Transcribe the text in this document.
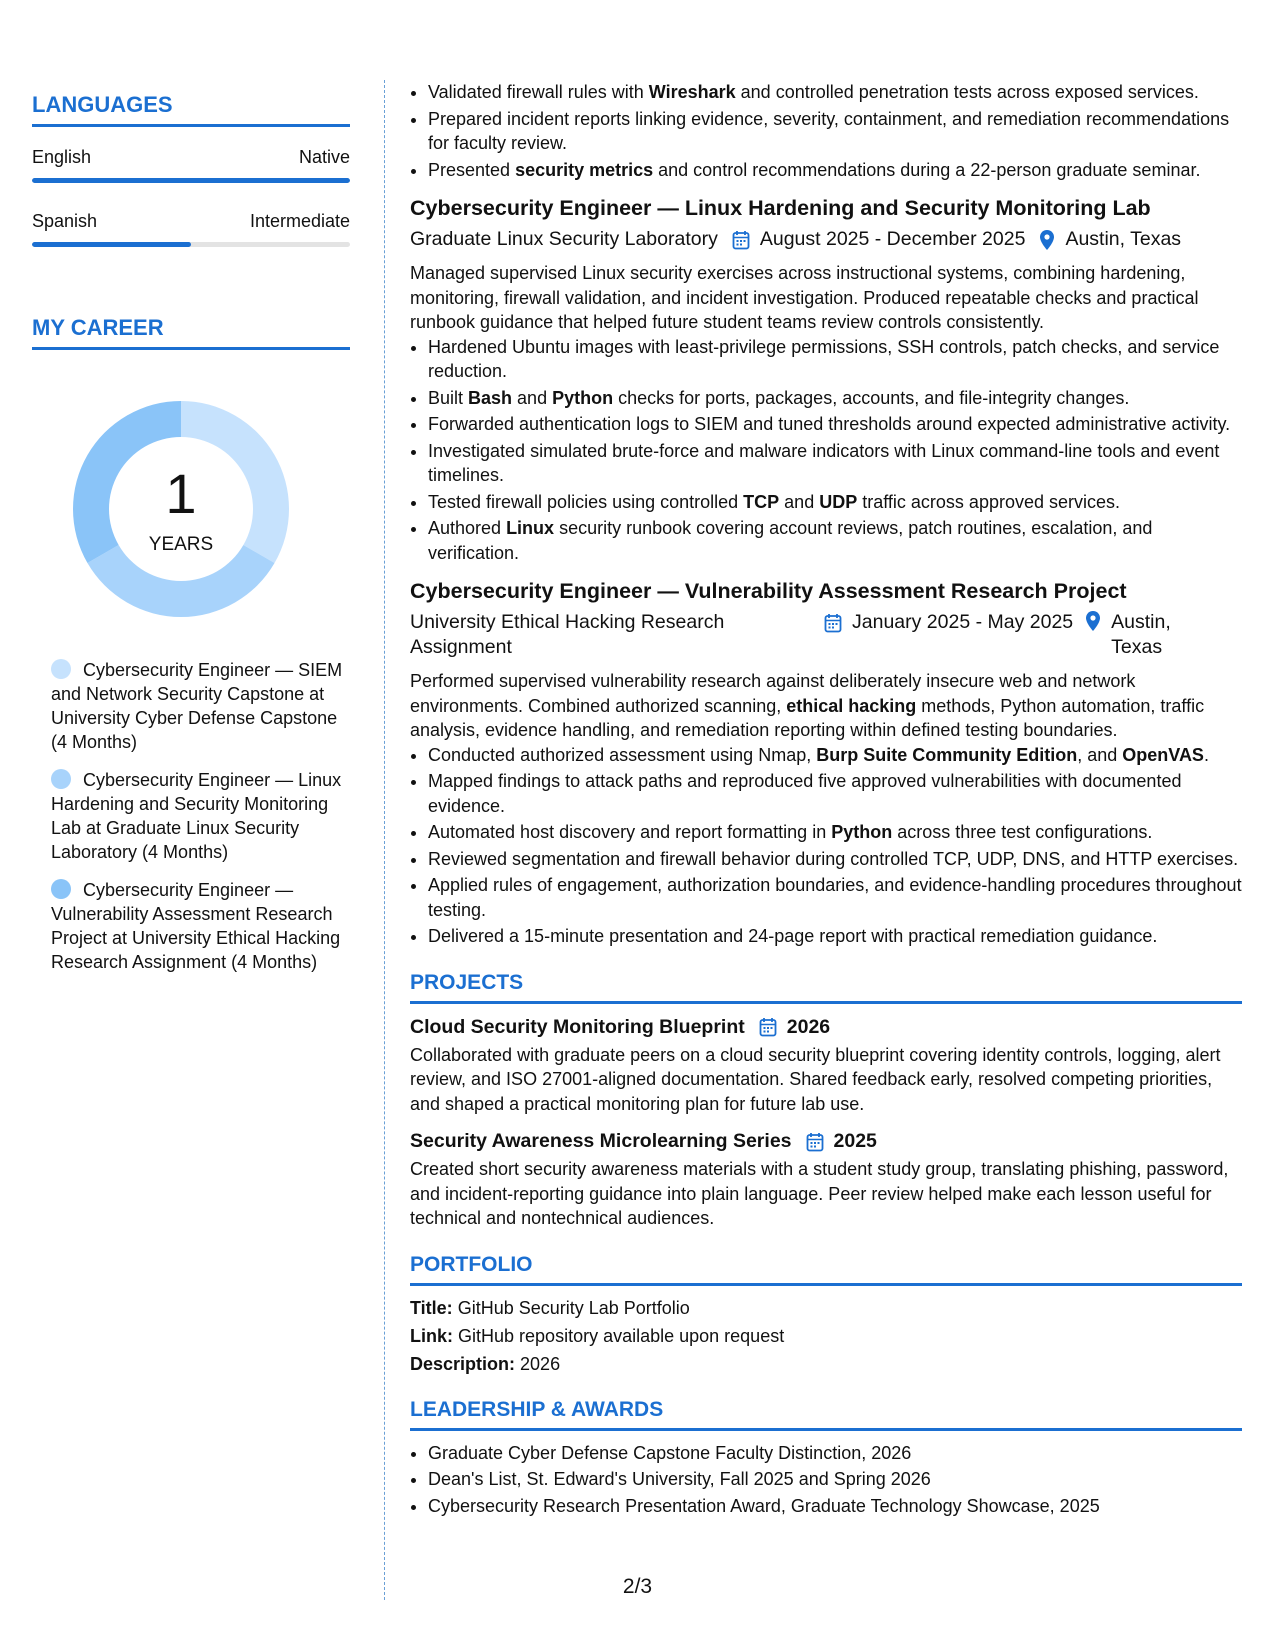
LANGUAGES
English	Native
Spanish	Intermediate
MY CAREER
1
YEARS
Cybersecurity Engineer — SIEM and Network Security Capstone at University Cyber Defense Capstone (4 Months)
Cybersecurity Engineer — Linux Hardening and Security Monitoring Lab at Graduate Linux Security Laboratory (4 Months)
Cybersecurity Engineer — Vulnerability Assessment Research Project at University Ethical Hacking Research Assignment (4 Months)
• Validated firewall rules with Wireshark and controlled penetration tests across exposed services.
• Prepared incident reports linking evidence, severity, containment, and remediation recommendations for faculty review.
• Presented security metrics and control recommendations during a 22-person graduate seminar.
Cybersecurity Engineer — Linux Hardening and Security Monitoring Lab
Graduate Linux Security Laboratory August 2025 - December 2025 Austin, Texas

Managed supervised Linux security exercises across instructional systems, combining hardening, monitoring, firewall validation, and incident investigation. Produced repeatable checks and practical runbook guidance that helped future student teams review controls consistently.

• Hardened Ubuntu images with least-privilege permissions, SSH controls, patch checks, and service reduction.
• Built Bash and Python checks for ports, packages, accounts, and file-integrity changes.
• Forwarded authentication logs to SIEM and tuned thresholds around expected administrative activity.
• Investigated simulated brute-force and malware indicators with Linux command-line tools and event timelines.
• Tested firewall policies using controlled TCP and UDP traffic across approved services.
• Authored Linux security runbook covering account reviews, patch routines, escalation, and verification.
Cybersecurity Engineer — Vulnerability Assessment Research Project
University Ethical Hacking Research Assignment
January 2025 - May 2025 Austin, Texas

Performed supervised vulnerability research against deliberately insecure web and network environments. Combined authorized scanning, ethical hacking methods, Python automation, traffic analysis, evidence handling, and remediation reporting within defined testing boundaries.

• Conducted authorized assessment using Nmap, Burp Suite Community Edition, and OpenVAS.
• Mapped findings to attack paths and reproduced five approved vulnerabilities with documented evidence.
• Automated host discovery and report formatting in Python across three test configurations.
• Reviewed segmentation and firewall behavior during controlled TCP, UDP, DNS, and HTTP exercises.
• Applied rules of engagement, authorization boundaries, and evidence-handling procedures throughout testing.
• Delivered a 15-minute presentation and 24-page report with practical remediation guidance.
PROJECTS
Cloud Security Monitoring Blueprint 2026
Collaborated with graduate peers on a cloud security blueprint covering identity controls, logging, alert review, and ISO 27001-aligned documentation. Shared feedback early, resolved competing priorities, and shaped a practical monitoring plan for future lab use.
Security Awareness Microlearning Series 2025
Created short security awareness materials with a student study group, translating phishing, password, and incident-reporting guidance into plain language. Peer review helped make each lesson useful for technical and nontechnical audiences.
PORTFOLIO
Title: GitHub Security Lab Portfolio
Link: GitHub repository available upon request
Description: 2026
LEADERSHIP & AWARDS
• Graduate Cyber Defense Capstone Faculty Distinction, 2026
• Dean's List, St. Edward's University, Fall 2025 and Spring 2026
• Cybersecurity Research Presentation Award, Graduate Technology Showcase, 2025
2/3
